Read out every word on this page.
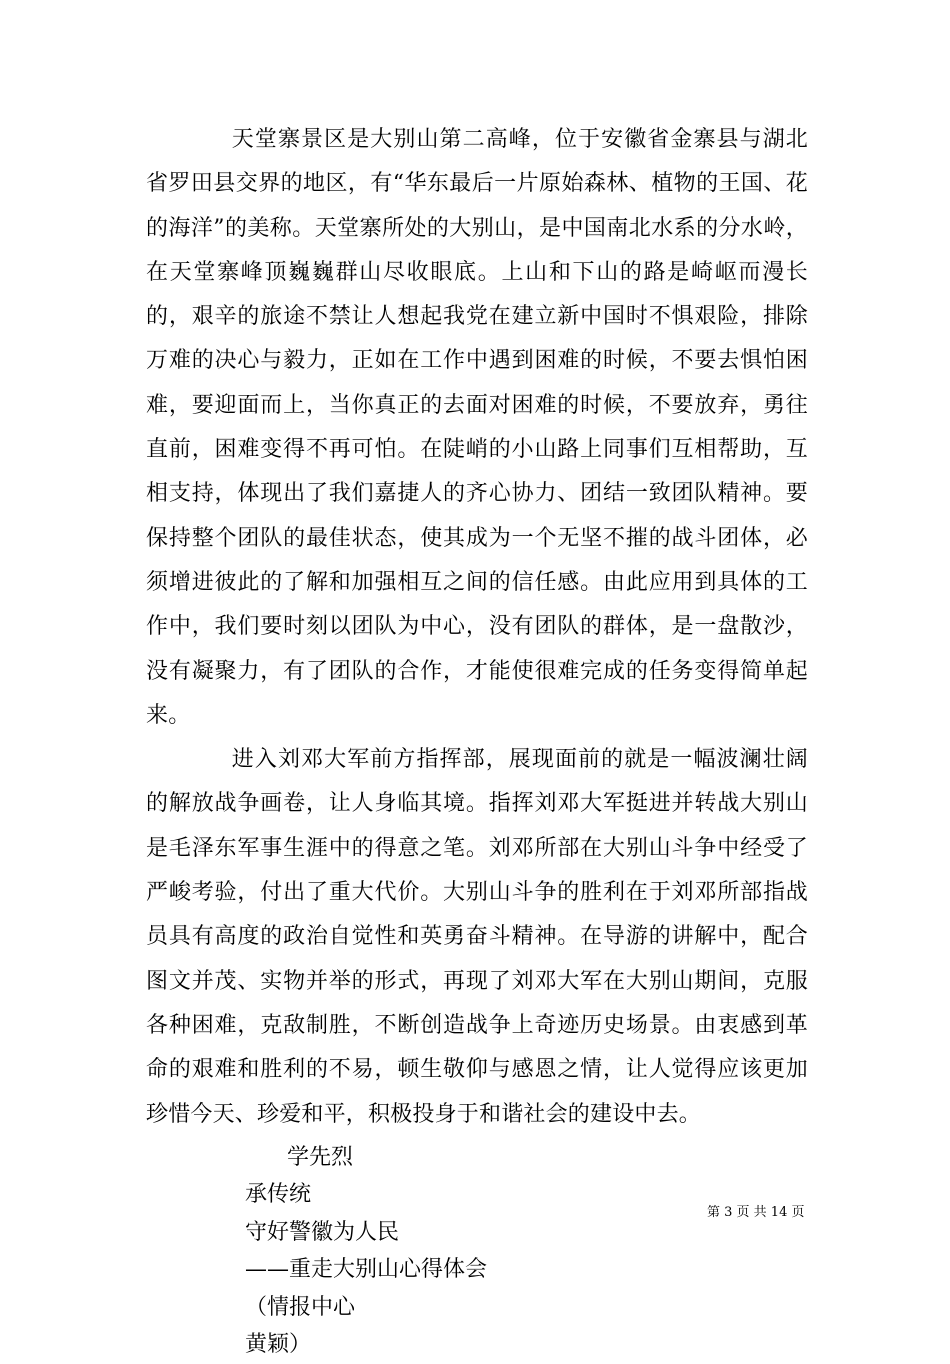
天堂寨景区是大别山第二高峰，位于安徽省金寨县与湖北省罗田县交界的地区，有“华东最后一片原始森林、植物的王国、花的海洋”的美称。天堂寨所处的大别山，是中国南北水系的分水岭，在天堂寨峰顶巍巍群山尽收眼底。上山和下山的路是崎岖而漫长的，艰辛的旅途不禁让人想起我党在建立新中国时不惧艰险，排除万难的决心与毅力，正如在工作中遇到困难的时候，不要去惧怕困难，要迎面而上，当你真正的去面对困难的时候，不要放弃，勇往直前，困难变得不再可怕。在陡峭的小山路上同事们互相帮助，互相支持，体现出了我们嘉捷人的齐心协力、团结一致团队精神。要保持整个团队的最佳状态，使其成为一个无坚不摧的战斗团体，必须增进彼此的了解和加强相互之间的信任感。由此应用到具体的工作中，我们要时刻以团队为中心，没有团队的群体，是一盘散沙，没有凝聚力，有了团队的合作，才能使很难完成的任务变得简单起来。

进入刘邓大军前方指挥部，展现面前的就是一幅波澜壮阔的解放战争画卷，让人身临其境。指挥刘邓大军挺进并转战大别山是毛泽东军事生涯中的得意之笔。刘邓所部在大别山斗争中经受了严峻考验，付出了重大代价。大别山斗争的胜利在于刘邓所部指战员具有高度的政治自觉性和英勇奋斗精神。在导游的讲解中，配合图文并茂、实物并举的形式，再现了刘邓大军在大别山期间，克服各种困难，克敌制胜，不断创造战争上奇迹历史场景。由衷感到革命的艰难和胜利的不易，顿生敬仰与感恩之情，让人觉得应该更加珍惜今天、珍爱和平，积极投身于和谐社会的建设中去。

学先烈
承传统
守好警徽为人民
——重走大别山心得体会
（情报中心
黄颖）
第 3 页 共 14 页
